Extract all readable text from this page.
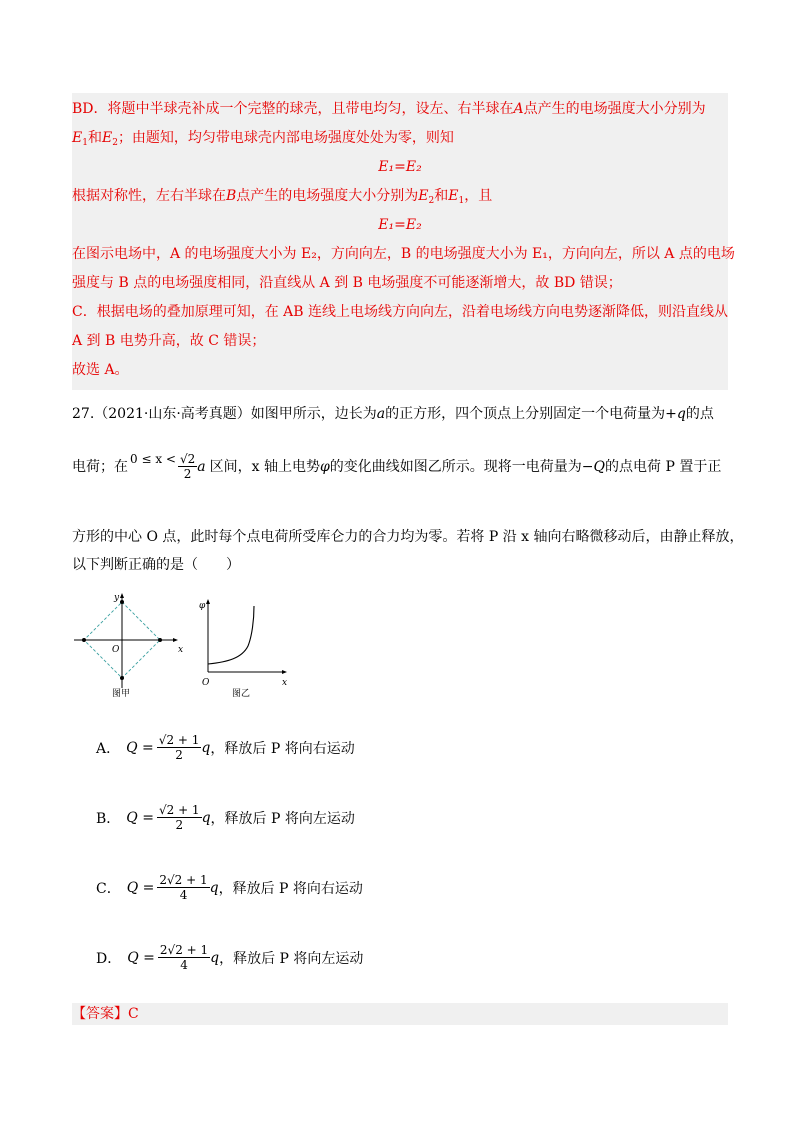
BD．将题中半球壳补成一个完整的球壳，且带电均匀，设左、右半球在A点产生的电场强度大小分别为
$E_1$和$E_2$；由题知，均匀带电球壳内部电场强度处处为零，则知
E₁=E₂
根据对称性，左右半球在B点产生的电场强度大小分别为$E_2$和$E_1$，且
E₁=E₂
在图示电场中，A 的电场强度大小为 E₂，方向向左，B 的电场强度大小为 E₁，方向向左，所以 A 点的电场
强度与 B 点的电场强度相同，沿直线从 A 到 B 电场强度不可能逐渐增大，故 BD 错误；
C．根据电场的叠加原理可知，在 AB 连线上电场线方向向左，沿着电场线方向电势逐渐降低，则沿直线从
A 到 B 电势升高，故 C 错误；
故选 A。
27.（2021·山东·高考真题）如图甲所示，边长为a的正方形，四个顶点上分别固定一个电荷量为+q的点
电荷；在 $0 \le x < \frac{√2}{2}$ a 区间，x 轴上电势 φ 的变化曲线如图乙所示。现将一电荷量为 −Q 的点电荷 P 置于正
方形的中心 O 点，此时每个点电荷所受库仑力的合力均为零。若将 P 沿 x 轴向右略微移动后，由静止释放，
以下判断正确的是（　　）
x
y
O
图甲
φ
O	x
图乙
A． $Q = \frac{√2 + 1}{2}$ q ，释放后 P 将向右运动
B． $Q = \frac{√2 + 1}{2}$ q ，释放后 P 将向左运动
C． $Q = \frac{2√2 + 1}{4}$ q ，释放后 P 将向右运动
D． $Q = \frac{2√2 + 1}{4}$ q ，释放后 P 将向左运动
【答案】C
